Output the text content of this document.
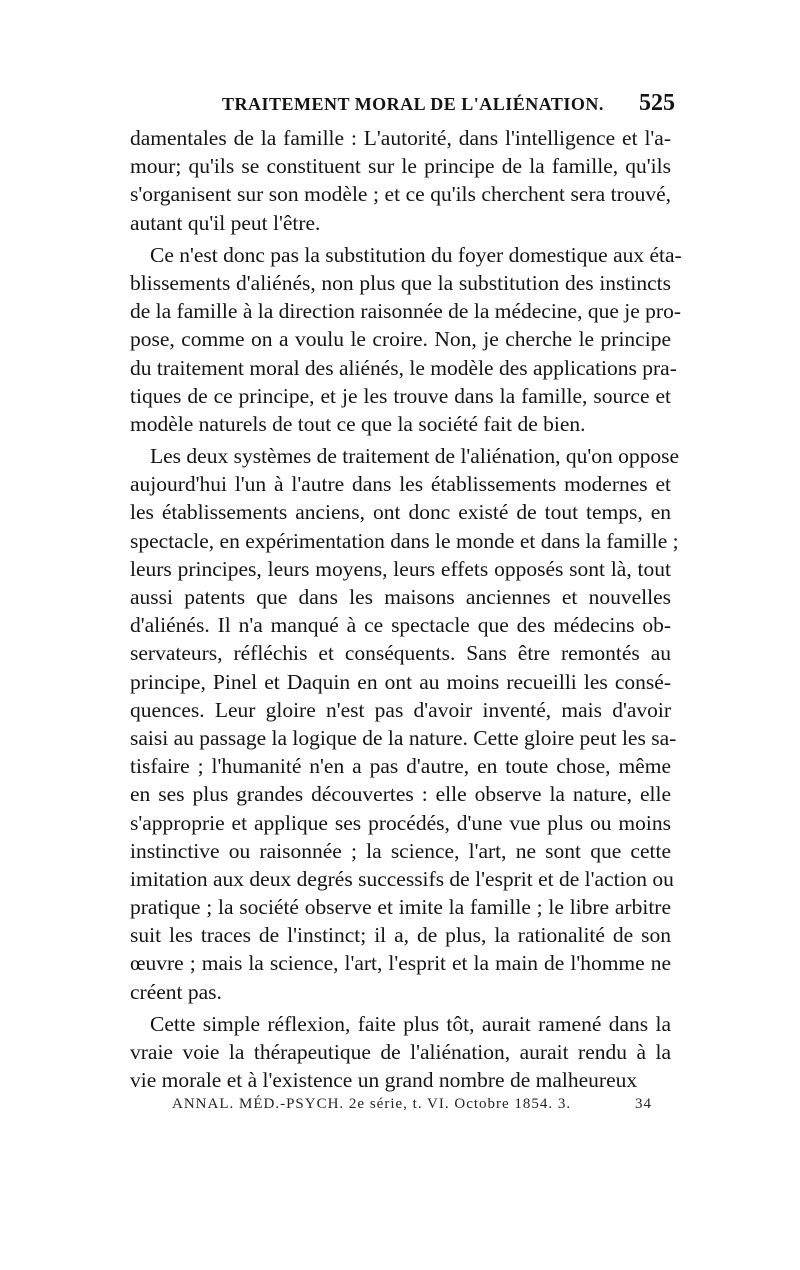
TRAITEMENT MORAL DE L'ALIÉNATION. 525
damentales de la famille : L'autorité, dans l'intelligence et l'a-
mour; qu'ils se constituent sur le principe de la famille, qu'ils
s'organisent sur son modèle ; et ce qu'ils cherchent sera trouvé,
autant qu'il peut l'être.
Ce n'est donc pas la substitution du foyer domestique aux éta-
blissements d'aliénés, non plus que la substitution des instincts
de la famille à la direction raisonnée de la médecine, que je pro-
pose, comme on a voulu le croire. Non, je cherche le principe
du traitement moral des aliénés, le modèle des applications pra-
tiques de ce principe, et je les trouve dans la famille, source et
modèle naturels de tout ce que la société fait de bien.
Les deux systèmes de traitement de l'aliénation, qu'on oppose
aujourd'hui l'un à l'autre dans les établissements modernes et
les établissements anciens, ont donc existé de tout temps, en
spectacle, en expérimentation dans le monde et dans la famille ;
leurs principes, leurs moyens, leurs effets opposés sont là, tout
aussi patents que dans les maisons anciennes et nouvelles
d'aliénés. Il n'a manqué à ce spectacle que des médecins ob-
servateurs, réfléchis et conséquents. Sans être remontés au
principe, Pinel et Daquin en ont au moins recueilli les consé-
quences. Leur gloire n'est pas d'avoir inventé, mais d'avoir
saisi au passage la logique de la nature. Cette gloire peut les sa-
tisfaire ; l'humanité n'en a pas d'autre, en toute chose, même
en ses plus grandes découvertes : elle observe la nature, elle
s'approprie et applique ses procédés, d'une vue plus ou moins
instinctive ou raisonnée ; la science, l'art, ne sont que cette
imitation aux deux degrés successifs de l'esprit et de l'action ou
pratique ; la société observe et imite la famille ; le libre arbitre
suit les traces de l'instinct; il a, de plus, la rationalité de son
œuvre ; mais la science, l'art, l'esprit et la main de l'homme ne
créent pas.
Cette simple réflexion, faite plus tôt, aurait ramené dans la
vraie voie la thérapeutique de l'aliénation, aurait rendu à la
vie morale et à l'existence un grand nombre de malheureux
ANNAL. MÉD.-PSYCH. 2e série, t. VI. Octobre 1854. 3.	34
